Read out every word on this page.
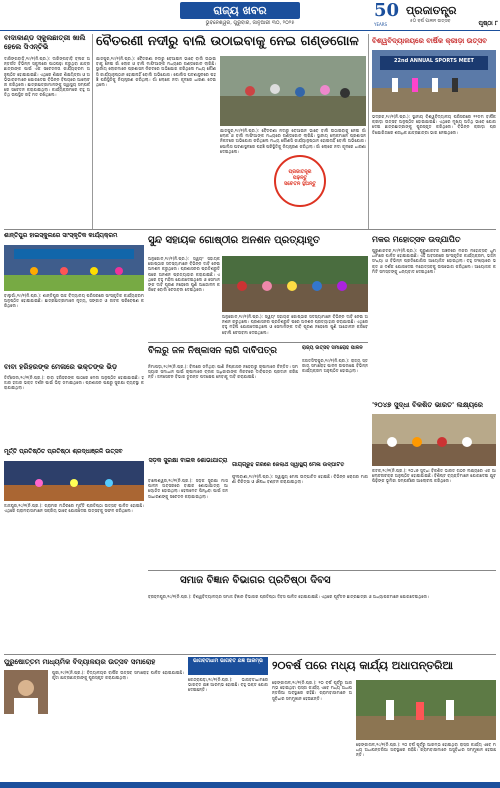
ରାଜ୍ୟ ଖବର
ଭୁବନେଶ୍ୱର, ଗୁରୁବାର, ଜାନୁଆରୀ ୩୦, ୨୦୨୫
50
YEARS
ପ୍ରଜାତନ୍ତ୍ର
୫୦ ବର୍ଷ ପାଳନ ଉତ୍ସବ	ପୃଷ୍ଠା ୮
ବାଦାକାଣ୍ଡ ସ୍କୁଲଛାତ୍ରୀ ଖାଲି ହେଲେ ସିଏନ୍ଟିଭି
ଦାରିଙ୍ଗବାଡ଼ି,୨୯/୧(ନି.ପ୍ର.): ଦାରିଙ୍ଗବାଡ଼ି ବ୍ଲକ ଅନ୍ତର୍ଗତ ବିଭିନ୍ନ ସ୍କୁଲରେ ପାଠପଢ଼ା କରୁଥିବା ଛାତ୍ରଛାତ୍ରୀଙ୍କ ପାଇଁ ଏକ ସଚେତନତା କାର୍ଯ୍ୟକ୍ରମ ଅନୁଷ୍ଠିତ ହୋଇଯାଇଛି। ଏଥିରେ ଶିକ୍ଷକ ଶିକ୍ଷୟିତ୍ରୀ ଓ ଅଭିଭାବକମାନେ ଯୋଗଦେଇ ବିଭିନ୍ନ ବିଷୟରେ ଆଲୋଚନା କରିଥିଲେ। ଛାତ୍ରଛାତ୍ରୀମାନଙ୍କୁ ସ୍ୱାସ୍ଥ୍ୟ ସମ୍ପର୍କରେ ସଚେତନ କରାଯାଇଥିଲା। କାର୍ଯ୍ୟକ୍ରମରେ ବହୁ ଅତିଥି ଉପସ୍ଥିତ ରହି ମତ ରଖିଥିଲେ।
ବୈତରଣୀ ନଦୀରୁ ବାଲି ଉଠାଇବାକୁ ନେଇ ଗଣ୍ଡଗୋଳ
ଯାଜପୁର,୨୯/୧(ନି.ପ୍ର.): ବୈତରଣୀ ନଦୀରୁ ବେଆଇନ ଭାବେ ବାଲି ଉଠାଇବାକୁ ନେଇ ଗାଁ ଲୋକ ଓ ବାଲି ମାଫିଆଙ୍କ ମଧ୍ୟରେ ଗଣ୍ଡଗୋଳ ଲାଗିଛି। ସ୍ଥାନୀୟ ଲୋକମାନେ ପ୍ରଶାସନ ନିକଟରେ ଅଭିଯୋଗ କରିଥିଲେ ମଧ୍ୟ କୌଣସି କାର୍ଯ୍ୟାନୁଷ୍ଠାନ ହୋଇନାହିଁ ବୋଲି ଅଭିଯୋଗ। ପୋଲିସ ଘଟଣାସ୍ଥଳରେ ପହଞ୍ଚି ପରିସ୍ଥିତିକୁ ନିୟନ୍ତ୍ରଣ କରିଥିଲା। ଗାଁ ଲୋକେ ନଦୀ କୂଳରେ ଧାରଣା ଦେଇଥିଲେ।
ଯାଜପୁର,୨୯/୧(ନି.ପ୍ର.): ବୈତରଣୀ ନଦୀରୁ ବେଆଇନ ଭାବେ ବାଲି ଉଠାଇବାକୁ ନେଇ ଗାଁ ଲୋକ ଓ ବାଲି ମାଫିଆଙ୍କ ମଧ୍ୟରେ ଗଣ୍ଡଗୋଳ ଲାଗିଛି। ସ୍ଥାନୀୟ ଲୋକମାନେ ପ୍ରଶାସନ ନିକଟରେ ଅଭିଯୋଗ କରିଥିଲେ ମଧ୍ୟ କୌଣସି କାର୍ଯ୍ୟାନୁଷ୍ଠାନ ହୋଇନାହିଁ ବୋଲି ଅଭିଯୋଗ। ପୋଲିସ ଘଟଣାସ୍ଥଳରେ ପହଞ୍ଚି ପରିସ୍ଥିତିକୁ ନିୟନ୍ତ୍ରଣ କରିଥିଲା। ଗାଁ ଲୋକେ ନଦୀ କୂଳରେ ଧାରଣା ଦେଇଥିଲେ।
ପ୍ରଜାତନ୍ତ୍ର
ପଢ଼ନ୍ତୁ
ସଚେତନ ହୁଅନ୍ତୁ
ବିଶ୍ୱବିଦ୍ୟାଳୟରେ ବାର୍ଷିକ କ୍ରୀଡ଼ା ଉତ୍ସବ
22nd ANNUAL SPORTS MEET
ଭଦ୍ରକ,୨୯/୧(ନି.ପ୍ର.): ସ୍ଥାନୀୟ ବିଶ୍ୱବିଦ୍ୟାଳୟ ପରିସରରେ ୨୨ତମ ବାର୍ଷିକ କ୍ରୀଡ଼ା ଉତ୍ସବ ଅନୁଷ୍ଠିତ ହୋଇଯାଇଛି। ଏଥିରେ ମୁଖ୍ୟ ଅତିଥି ଭାବେ ଯୋଗଦେଇ ଛାତ୍ରଛାତ୍ରୀଙ୍କୁ ପୁରସ୍କୃତ କରିଥିଲେ। ବିଭିନ୍ନ କ୍ରୀଡ଼ା ପ୍ରତିଯୋଗିତାରେ ଶତାଧିକ ଛାତ୍ରଛାତ୍ରୀ ଭାଗ ନେଇଥିଲେ।
ଶାନ୍ତିପୁର ହାଇସ୍କୁଲରେ ସାଂସ୍କୃତିକ କାର୍ଯ୍ୟକ୍ରମ
ବାଲୁଗାଁ,୨୯/୧(ନି.ପ୍ର.): ଶାନ୍ତିପୁର ଉଚ୍ଚ ବିଦ୍ୟାଳୟ ପରିସରରେ ସାଂସ୍କୃତିକ କାର୍ଯ୍ୟକ୍ରମ ଅନୁଷ୍ଠିତ ହୋଇଯାଇଛି। ଛାତ୍ରଛାତ୍ରୀମାନେ ନୃତ୍ୟ, ସଙ୍ଗୀତ ଓ ନାଟକ ପରିବେଷଣ କରିଥିଲେ।
ସୁନ୍ଦ ସହାୟକ ଗୋଷ୍ଠୀର ଅନଶନ ପ୍ରତ୍ୟାହୃତ
ଅନୁଗୋଳ,୨୯/୧(ନି.ପ୍ର.): ସ୍ୱୟଂ ସହାୟକ ଗୋଷ୍ଠୀର ସଦସ୍ୟାମାନେ ବିଭିନ୍ନ ଦାବି ନେଇ ଅନଶନ କରୁଥିଲେ। ପ୍ରଶାସନର ପ୍ରତିଶ୍ରୁତି ପରେ ଅନଶନ ପ୍ରତ୍ୟାହାର କରାଯାଇଛି। ଏଥିରେ ବହୁ ମହିଳା ଯୋଗଦେଇଥିଲେ ଓ ସେମାନଙ୍କ ଦାବି ପୂରଣ ନହେଲେ ପୁଣି ଆନ୍ଦୋଳନ କରିବେ ବୋଲି ଚେତାବନୀ ଦେଇଥିଲେ।
ଅନୁଗୋଳ,୨୯/୧(ନି.ପ୍ର.): ସ୍ୱୟଂ ସହାୟକ ଗୋଷ୍ଠୀର ସଦସ୍ୟାମାନେ ବିଭିନ୍ନ ଦାବି ନେଇ ଅନଶନ କରୁଥିଲେ। ପ୍ରଶାସନର ପ୍ରତିଶ୍ରୁତି ପରେ ଅନଶନ ପ୍ରତ୍ୟାହାର କରାଯାଇଛି। ଏଥିରେ ବହୁ ମହିଳା ଯୋଗଦେଇଥିଲେ ଓ ସେମାନଙ୍କ ଦାବି ପୂରଣ ନହେଲେ ପୁଣି ଆନ୍ଦୋଳନ କରିବେ ବୋଲି ଚେତାବନୀ ଦେଇଥିଲେ।
ମକର ମହୋତ୍ସବ ଉଦ୍‌ଯାପିତ
ପୁରୁଣାକଟକ,୨୯/୧(ନି.ପ୍ର.): ପୁରୁଣାକଟକ ଅଞ୍ଚଳରେ ମକର ମହୋତ୍ସବ ଧୁମଧାମରେ ପାଳିତ ହୋଇଯାଇଛି। ଏହି ଅବସରରେ ସାଂସ୍କୃତିକ କାର୍ଯ୍ୟକ୍ରମ, ଭଜନ ସଂଧ୍ୟା ଓ ବିଭିନ୍ନ ପ୍ରତିଯୋଗିତା ଆୟୋଜିତ ହୋଇଥିଲା। ବହୁ ସଂଖ୍ୟାରେ ଭକ୍ତ ଓ ଦର୍ଶକ ଯୋଗଦେଇ ମହୋତ୍ସବକୁ ଉପଭୋଗ କରିଥିଲେ। ଆୟୋଜକ କମିଟି ସମସ୍ତଙ୍କୁ ଧନ୍ୟବାଦ ଦେଇଥିଲେ।
ବିଲରୁ ଜଳ ନିଷ୍କାସନ ଲାଗି ଦାବିପତ୍ର
ନିମାପଡ଼ା,୨୯/୧(ନି.ପ୍ର.): ବିଲରେ ଜମିଥିବା ପାଣି ନିଷ୍କାସନ ନହେବାରୁ ଚାଷୀମାନେ ଚିନ୍ତିତ। ସମସ୍ୟାର ସମାଧାନ ପାଇଁ ଚାଷୀମାନେ ବ୍ଲକ ଅଧିକାରୀଙ୍କ ନିକଟରେ ଦାବିପତ୍ର ପ୍ରଦାନ କରିଛନ୍ତି। ଜଳସେଚନ ବିଭାଗ ତୁରନ୍ତ ପଦକ୍ଷେପ ନେବାକୁ ଦାବି କରାଯାଇଛି।
ରାଜ୍ୟ ଉତ୍ସବ ସମାରୋହ ପାଳନ
ଜଗତସିଂହପୁର,୨୯/୧(ନି.ପ୍ର.): ରାଜ୍ୟ ସ୍ତରୀୟ ସମାରୋହ ପାଳନ ଉପଲକ୍ଷେ ବିଭିନ୍ନ କାର୍ଯ୍ୟକ୍ରମ ଅନୁଷ୍ଠିତ ହୋଇଥିଲା।
ବାବା ହରିହରଙ୍କ ମେଳାରେ ଭକ୍ତଙ୍କ ଭିଡ଼
ତିର୍ତ୍ତୋଲ,୨୯/୧(ନି.ପ୍ର.): ବାବା ହରିହରଙ୍କ ପୀଠରେ ମେଳା ଅନୁଷ୍ଠିତ ହୋଇଯାଇଛି। ହଜାର ହଜାର ଭକ୍ତ ଦର୍ଶନ ପାଇଁ ଭିଡ଼ ଜମାଇଥିଲେ। ପ୍ରଶାସନ ପକ୍ଷରୁ ସୁରକ୍ଷା ବ୍ୟବସ୍ଥା କରାଯାଇଥିଲା।
'୨୦୪୭ ସୁଦ୍ଧା ବିକଶିତ ଭାରତ' ଲକ୍ଷ୍ୟରେ
କଟକ,୨୯/୧(ନି.ପ୍ର.): ୨୦୪୭ ସୁଦ୍ଧା ବିକଶିତ ଭାରତ ଗଠନ ଲକ୍ଷ୍ୟରେ ଏକ ଆଲୋଚନାଚକ୍ର ଅନୁଷ୍ଠିତ ହୋଇଯାଇଛି। ବିଶିଷ୍ଟ ବ୍ୟକ୍ତିମାନେ ଯୋଗଦେଇ ଯୁବପିଢ଼ିଙ୍କ ଭୂମିକା ସମ୍ପର୍କରେ ଆଲୋଚନା କରିଥିଲେ।
ମୂର୍ତ୍ତି ପ୍ରତିଷ୍ଠିତ ପ୍ରତିଷ୍ଠା ଶ୍ରଦ୍ଧାଞ୍ଜଳି ଉତ୍ସବ
ଜାଜପୁର,୨୯/୧(ନି.ପ୍ର.): ଗ୍ରାମର ମନ୍ଦିରରେ ମୂର୍ତ୍ତି ପ୍ରତିଷ୍ଠା ଉତ୍ସବ ପାଳିତ ହୋଇଛି। ଏଥିରେ ଗ୍ରାମବାସୀମାନେ ସକ୍ରିୟ ଭାବେ ଯୋଗଦେଇ ଉତ୍ସବକୁ ସଫଳ କରିଥିଲେ।
ସଡ଼କ ସୁରକ୍ଷା ବାଇକ ଶୋଭାଯାତ୍ରା
ବାଲେଶ୍ୱର,୨୯/୧(ନି.ପ୍ର.): ସଡ଼କ ସୁରକ୍ଷା ମାସ ପାଳନ ଅବସରରେ ବାଇକ ଶୋଭାଯାତ୍ରା ଆୟୋଜିତ ହୋଇଥିଲା। ହେଲମେଟ ପିନ୍ଧିବା ପାଇଁ ଜନସାଧାରଣଙ୍କୁ ସଚେତନ କରାଯାଇଥିଲା।
ଗାୟଗ୍ରୁହ ଗିରିରେ ଜେଲାର୍ଥ ସ୍ୱାସ୍ଥ୍ୟ ମେଳା ଉଦ୍‌ଘାଟିତ
ଫୁଲବାଣୀ,୨୯/୧(ନି.ପ୍ର.): ସ୍ୱାସ୍ଥ୍ୟ ମେଳା ଉଦ୍‌ଘାଟିତ ହୋଇଛି। ବିଭିନ୍ନ ରୋଗର ମାଗଣା ଚିକିତ୍ସା ଓ ଔଷଧ ବଣ୍ଟନ କରାଯାଇଥିଲା।
ସମାଜ ବିଜ୍ଞାନ ବିଭାଗର ପ୍ରତିଷ୍ଠା ଦିବସ
ବ୍ରହ୍ମପୁର,୨୯/୧(ନି.ପ୍ର.): ବିଶ୍ୱବିଦ୍ୟାଳୟର ସମାଜ ବିଜ୍ଞାନ ବିଭାଗର ପ୍ରତିଷ୍ଠା ଦିବସ ପାଳିତ ହୋଇଯାଇଛି। ଏଥିରେ ପୂର୍ବତନ ଛାତ୍ରଛାତ୍ରୀ ଓ ଅଧ୍ୟାପକମାନେ ଯୋଗଦେଇଥିଲେ।
ପୁରୁଷୋତ୍ତମ ମାଧ୍ୟମିକ ବିଦ୍ୟାଳୟର ଉତ୍ସବ ସମାରୋହ
ପୁରୀ,୨୯/୧(ନି.ପ୍ର.): ବିଦ୍ୟାଳୟର ବାର୍ଷିକ ଉତ୍ସବ ସମାରୋହ ପାଳିତ ହୋଇଯାଇଛି। କୃତୀ ଛାତ୍ରଛାତ୍ରୀଙ୍କୁ ପୁରସ୍କୃତ କରାଯାଇଥିଲା।
ଭାଗବତୀଧାମ ଭାଗବତ ଯଜ୍ଞ ଆରମ୍ଭ
କେନ୍ଦ୍ରାପଡ଼ା,୨୯/୧(ନି.ପ୍ର.): ଭାଗବତୀଧାମରେ ଭାଗବତ ଯଜ୍ଞ ଆରମ୍ଭ ହୋଇଛି। ବହୁ ଭକ୍ତ ଯୋଗଦେଇଛନ୍ତି।
୨୦ବର୍ଷ ପରେ ମଧ୍ୟ କାର୍ଯ୍ୟ ଅଧାପନ୍ତରିଆ
ଢେଙ୍କାନାଳ,୨୯/୧(ନି.ପ୍ର.): ୨୦ ବର୍ଷ ପୂର୍ବରୁ ଆରମ୍ଭ ହୋଇଥିବା ରାସ୍ତା କାର୍ଯ୍ୟ ଏବେ ମଧ୍ୟ ଅଧାପନ୍ତରିଆ ଅବସ୍ଥାରେ ରହିଛି। ଗ୍ରାମବାସୀମାନେ ଅସୁବିଧାର ସମ୍ମୁଖୀନ ହେଉଛନ୍ତି।
ଢେଙ୍କାନାଳ,୨୯/୧(ନି.ପ୍ର.): ୨୦ ବର୍ଷ ପୂର୍ବରୁ ଆରମ୍ଭ ହୋଇଥିବା ରାସ୍ତା କାର୍ଯ୍ୟ ଏବେ ମଧ୍ୟ ଅଧାପନ୍ତରିଆ ଅବସ୍ଥାରେ ରହିଛି। ଗ୍ରାମବାସୀମାନେ ଅସୁବିଧାର ସମ୍ମୁଖୀନ ହେଉଛନ୍ତି।
